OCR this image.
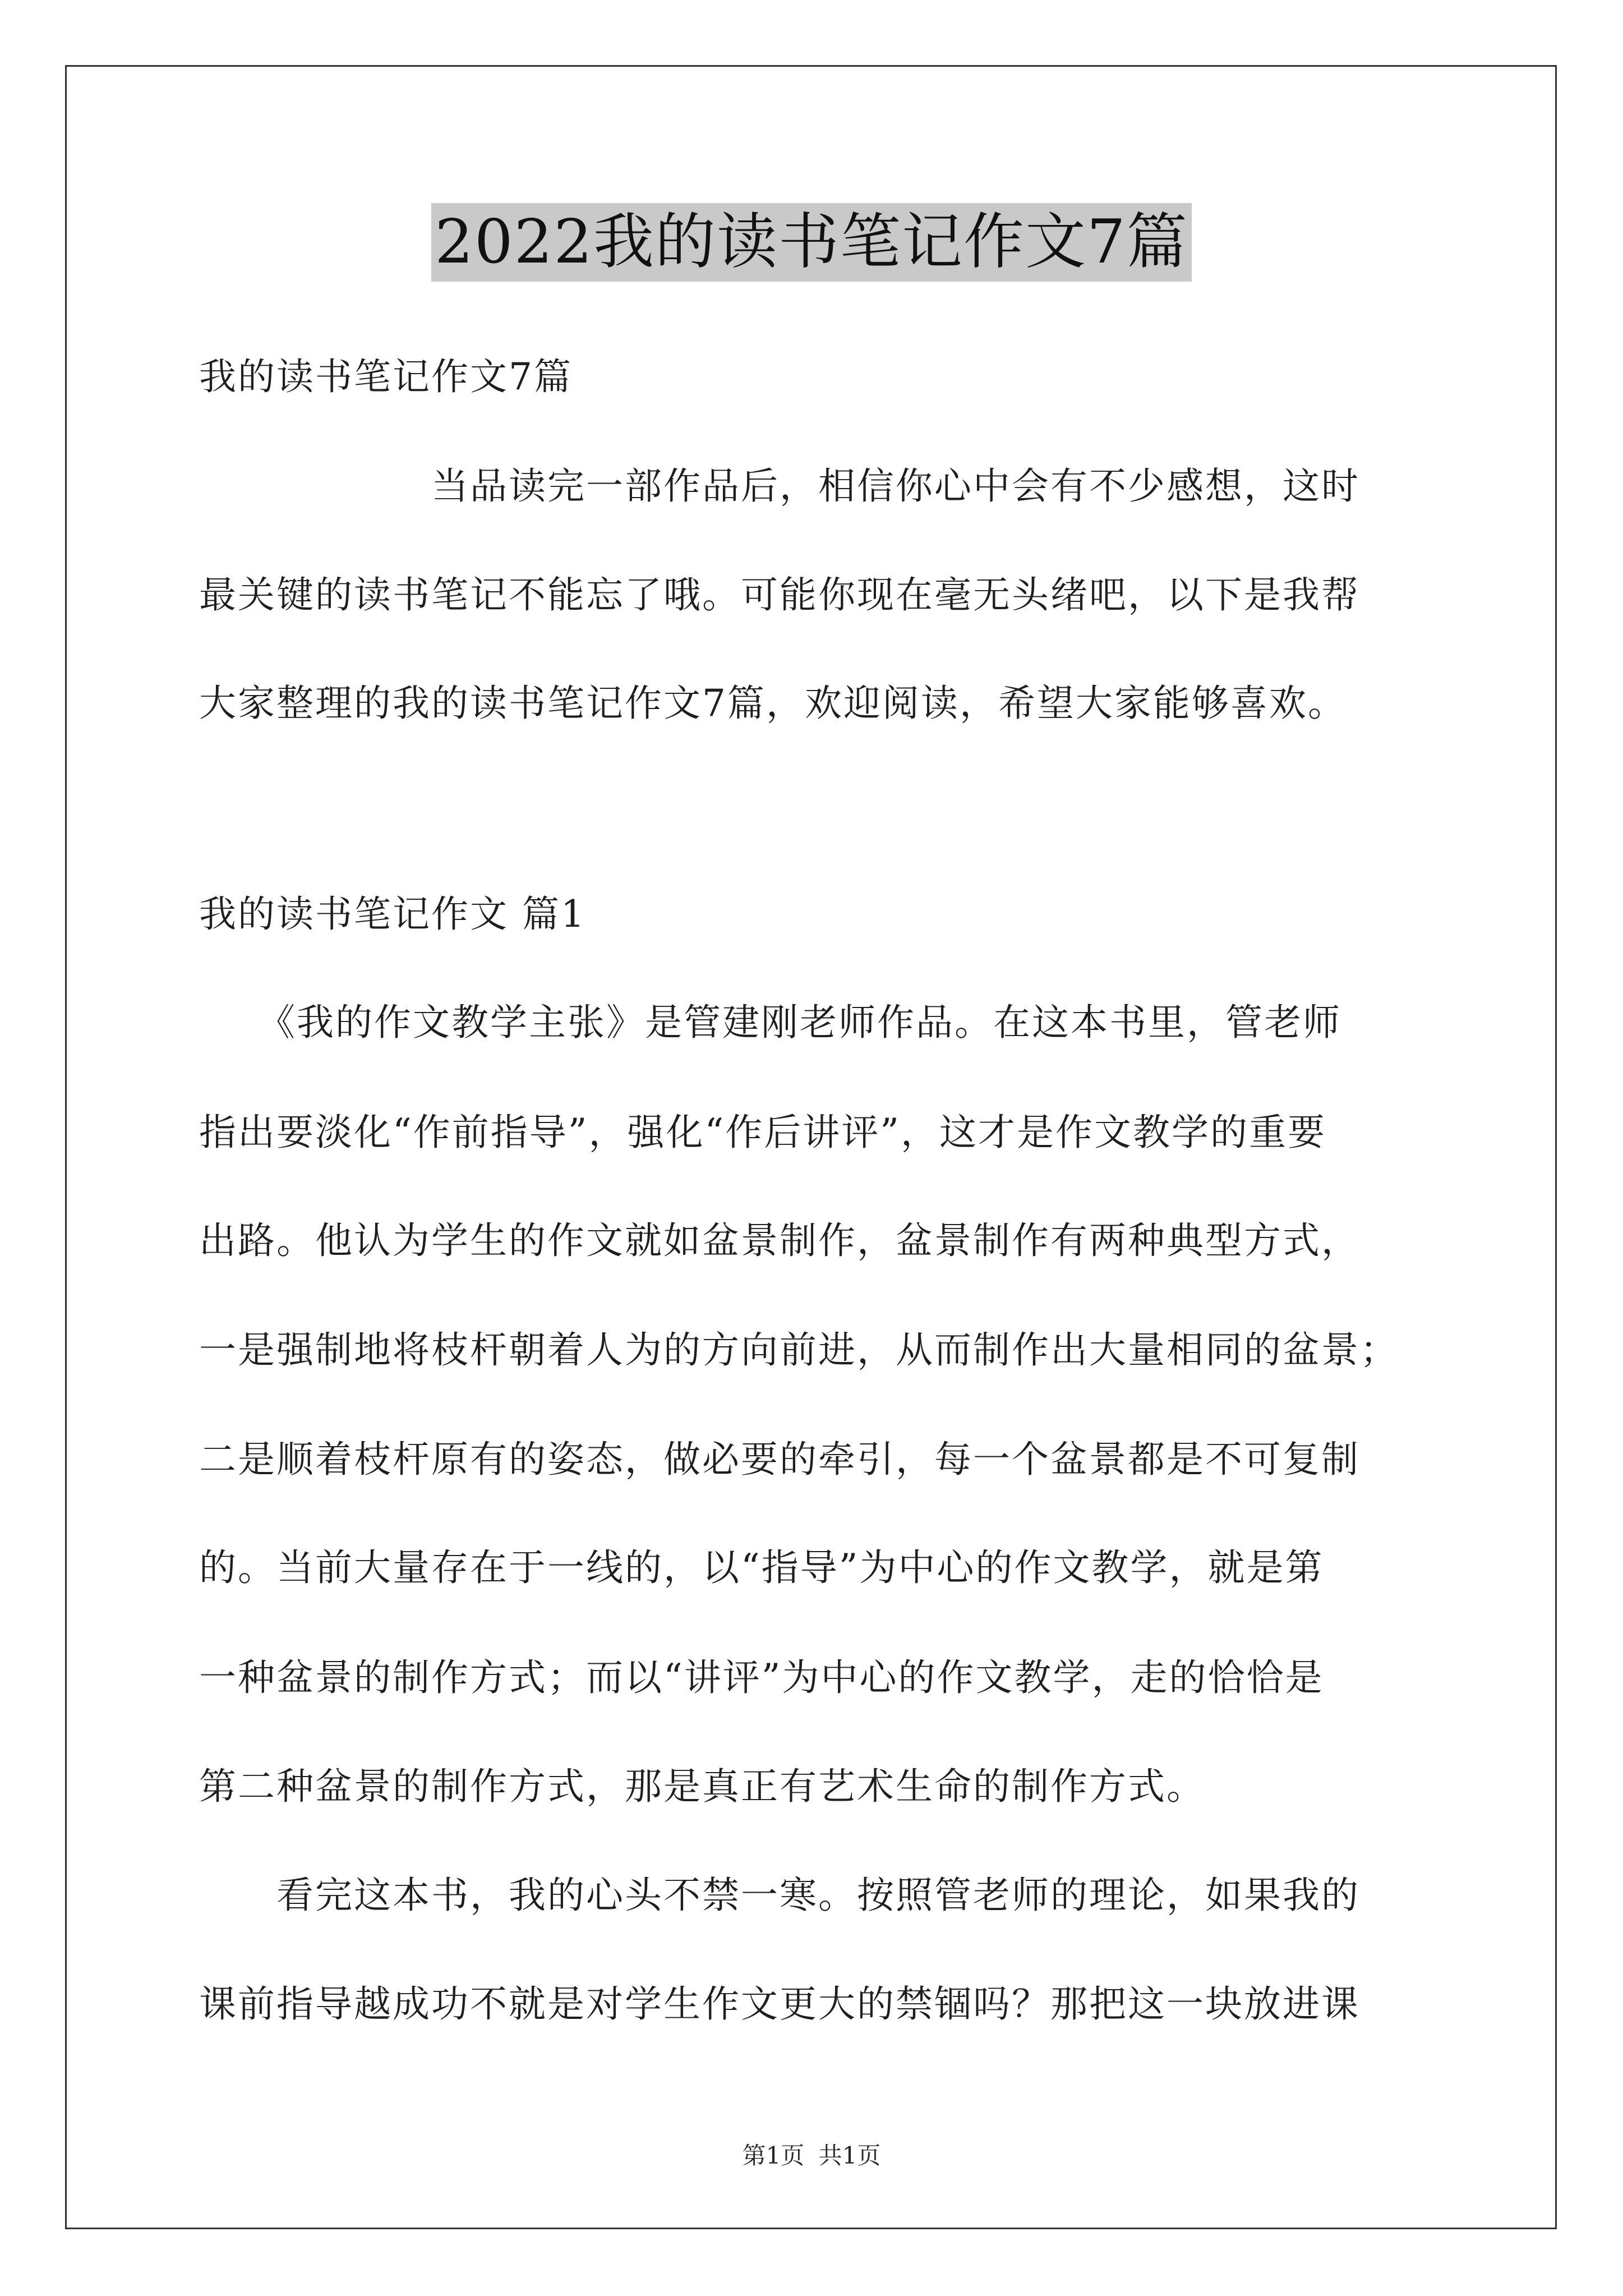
2022我的读书笔记作文7篇
我的读书笔记作文7篇
　　　　　　当品读完一部作品后，相信你心中会有不少感想，这时
最关键的读书笔记不能忘了哦。可能你现在毫无头绪吧，以下是我帮
大家整理的我的读书笔记作文7篇，欢迎阅读，希望大家能够喜欢。
我的读书笔记作文 篇1
　　《我的作文教学主张》是管建刚老师作品。在这本书里，管老师
指出要淡化“作前指导”，强化“作后讲评”，这才是作文教学的重要
出路。他认为学生的作文就如盆景制作，盆景制作有两种典型方式，
一是强制地将枝杆朝着人为的方向前进，从而制作出大量相同的盆景；
二是顺着枝杆原有的姿态，做必要的牵引，每一个盆景都是不可复制
的。当前大量存在于一线的，以“指导”为中心的作文教学，就是第
一种盆景的制作方式；而以“讲评”为中心的作文教学，走的恰恰是
第二种盆景的制作方式，那是真正有艺术生命的制作方式。
　　看完这本书，我的心头不禁一寒。按照管老师的理论，如果我的
课前指导越成功不就是对学生作文更大的禁锢吗？那把这一块放进课
第1页 共1页
